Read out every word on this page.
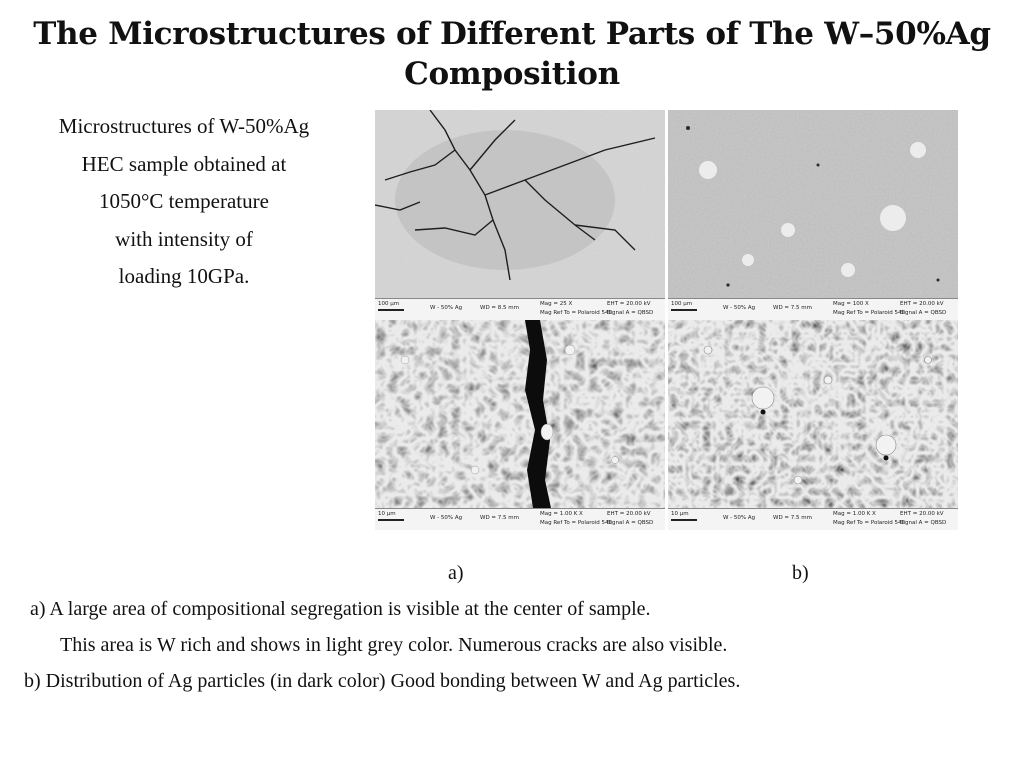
The Microstructures of Different Parts of The W–50%Ag Composition
Microstructures of W-50%Ag
HEC sample obtained at
1050°C temperature
with intensity of
loading 10GPa.
100 μm
W - 50% Ag	WD = 8.5 mm
Mag = 25 X
Mag Ref To = Polaroid 545
EHT = 20.00 kV
Signal A = QBSD
100 μm
W - 50% Ag	WD = 7.5 mm
Mag = 100 X
Mag Ref To = Polaroid 545
EHT = 20.00 kV
Signal A = QBSD
10 μm
W - 50% Ag	WD = 7.5 mm
Mag = 1.00 K X
Mag Ref To = Polaroid 545
EHT = 20.00 kV
Signal A = QBSD
10 μm
W - 50% Ag	WD = 7.5 mm
Mag = 1.00 K X
Mag Ref To = Polaroid 545
EHT = 20.00 kV
Signal A = QBSD
a)	b)
a) A large area of compositional segregation is visible at the center of sample.
This area is W rich and shows in light grey color. Numerous cracks are also visible.
b) Distribution of Ag particles (in dark color) Good bonding between W and Ag particles.
